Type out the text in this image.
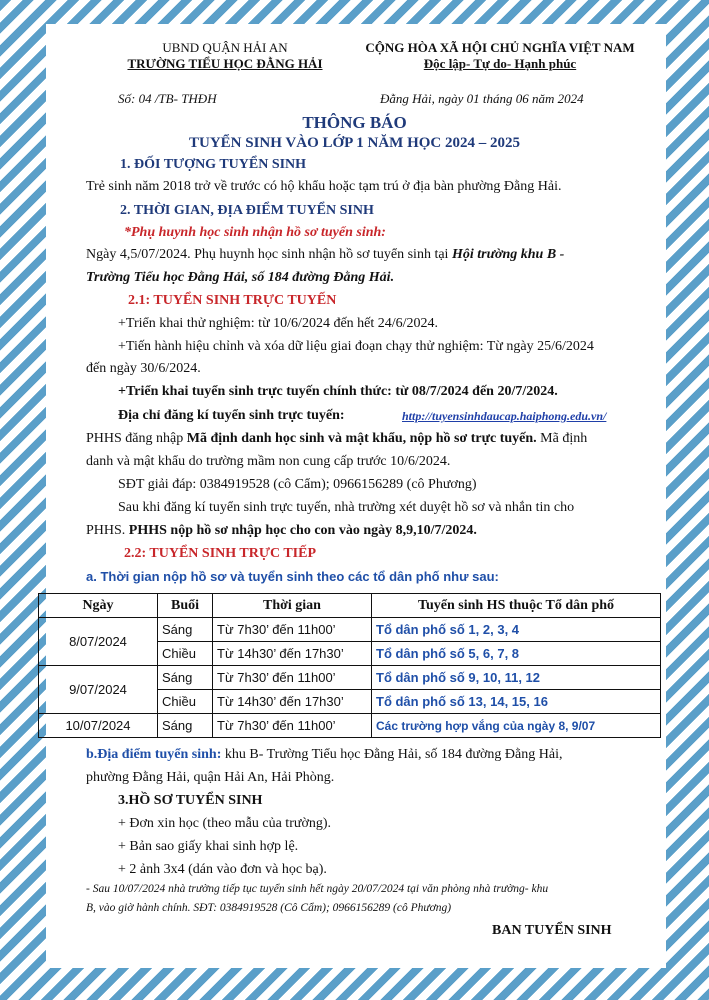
UBND QUẬN HẢI AN
TRƯỜNG TIỂU HỌC ĐẰNG HẢI
CỘNG HÒA XÃ HỘI CHỦ NGHĨA VIỆT NAM
Độc lập- Tự do- Hạnh phúc
Số: 04 /TB- THĐH	Đằng Hải, ngày 01 tháng 06 năm 2024
THÔNG BÁO
TUYỂN SINH VÀO LỚP 1 NĂM HỌC 2024 – 2025
1. ĐỐI TƯỢNG TUYỂN SINH
Trẻ sinh năm 2018 trở về trước có hộ khẩu hoặc tạm trú ở địa bàn phường Đằng Hải.
2. THỜI GIAN, ĐỊA ĐIỂM TUYỂN SINH
*Phụ huynh học sinh nhận hồ sơ tuyển sinh:
Ngày 4,5/07/2024. Phụ huynh học sinh nhận hồ sơ tuyển sinh tại Hội trường khu B -
Trường Tiểu học Đằng Hải, số 184 đường Đằng Hải.
2.1: TUYỂN SINH TRỰC TUYẾN
+Triển khai thử nghiệm: từ 10/6/2024 đến hết 24/6/2024.
+Tiến hành hiệu chỉnh và xóa dữ liệu giai đoạn chạy thử nghiệm: Từ ngày 25/6/2024
đến ngày 30/6/2024.
+Triển khai tuyển sinh trực tuyến chính thức: từ 08/7/2024 đến 20/7/2024.
Địa chỉ đăng kí tuyển sinh trực tuyến:	http://tuyensinhdaucap.haiphong.edu.vn/
PHHS đăng nhập Mã định danh học sinh và mật khẩu, nộp hồ sơ trực tuyến. Mã định
danh và mật khẩu do trường mầm non cung cấp trước 10/6/2024.
SĐT giải đáp: 0384919528 (cô Cẩm); 0966156289 (cô Phương)
Sau khi đăng kí tuyển sinh trực tuyến, nhà trường xét duyệt hồ sơ và nhắn tin cho
PHHS. PHHS nộp hồ sơ nhập học cho con vào ngày 8,9,10/7/2024.
2.2: TUYỂN SINH TRỰC TIẾP
a. Thời gian nộp hồ sơ và tuyển sinh theo các tổ dân phố như sau:
Ngày	Buổi	Thời gian	Tuyển sinh HS thuộc Tổ dân phố
8/07/2024	Sáng	Từ 7h30’ đến 11h00’	Tổ dân phố số 1, 2, 3, 4
	Chiều	Từ 14h30’ đến 17h30’	Tổ dân phố số 5, 6, 7, 8
9/07/2024	Sáng	Từ 7h30’ đến 11h00’	Tổ dân phố số 9, 10, 11, 12
	Chiều	Từ 14h30’ đến 17h30’	Tổ dân phố số 13, 14, 15, 16
10/07/2024	Sáng	Từ 7h30’ đến 11h00’	Các trường hợp vắng của ngày 8, 9/07
b.Địa điểm tuyển sinh: khu B- Trường Tiểu học Đằng Hải, số 184 đường Đằng Hải,
phường Đằng Hải, quận Hải An, Hải Phòng.
3.HỒ SƠ TUYỂN SINH
+ Đơn xin học (theo mẫu của trường).
+ Bản sao giấy khai sinh hợp lệ.
+ 2 ảnh 3x4 (dán vào đơn và học bạ).
- Sau 10/07/2024 nhà trường tiếp tục tuyển sinh hết ngày 20/07/2024 tại văn phòng nhà trường- khu
B, vào giờ hành chính. SĐT: 0384919528 (Cô Cẩm); 0966156289 (cô Phương)
BAN TUYỂN SINH
